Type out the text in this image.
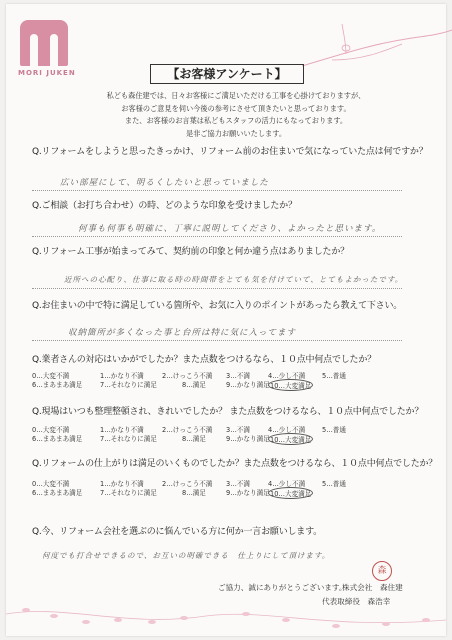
MORI JUKEN	【お客様アンケート】
私ども森住建では、日々お客様にご満足いただける工事を心掛けておりますが、
お客様のご意見を伺い今後の参考にさせて頂きたいと思っております。
また、お客様のお言葉は私どもスタッフの活力にもなっております。
是非ご協力お願いいたします。
Q.リフォームをしようと思ったきっかけ、リフォーム前のお住まいで気になっていた点は何ですか？
広い部屋にして、明るくしたいと思っていました
Q.ご相談（お打ち合わせ）の時、どのような印象を受けましたか？
何事も何事も明確に、丁寧に説明してくださり、よかったと思います。
Q.リフォーム工事が始まってみて、契約前の印象と何か違う点はありましたか？
近所への心配り、仕事に取る時の時間帯をとても気を付けていて、とてもよかったです。
Q.お住まいの中で特に満足している箇所や、お気に入りのポイントがあったら教えて下さい。
収納箇所が多くなった事と台所は特に気に入ってます
Q.業者さんの対応はいかがでしたか？また点数をつけるなら、１０点中何点でしたか？
0…大変不満	1…かなり不満	2…けっこう不満 3…不満	4…少し不満	5…普通
6…まあまあ満足	7…それなりに満足	8…満足	9…かなり満足 10…大変満足
Q.現場はいつも整理整頓され、きれいでしたか？ また点数をつけるなら、１０点中何点でしたか？
0…大変不満	1…かなり不満	2…けっこう不満 3…不満	4…少し不満	5…普通
6…まあまあ満足	7…それなりに満足	8…満足	9…かなり満足 10…大変満足
Q.リフォームの仕上がりは満足のいくものでしたか？また点数をつけるなら、１０点中何点でしたか？
0…大変不満	1…かなり不満	2…けっこう不満 3…不満	4…少し不満	5…普通
6…まあまあ満足	7…それなりに満足	8…満足	9…かなり満足 10…大変満足
Q.今、リフォーム会社を選ぶのに悩んでいる方に何か一言お願いします。
何度でも打合せできるので、お互いの明確できる　仕上りにして頂けます。
森
ご協力、誠にありがとうございます。
株式会社　森住建
代表取締役　森浩幸
